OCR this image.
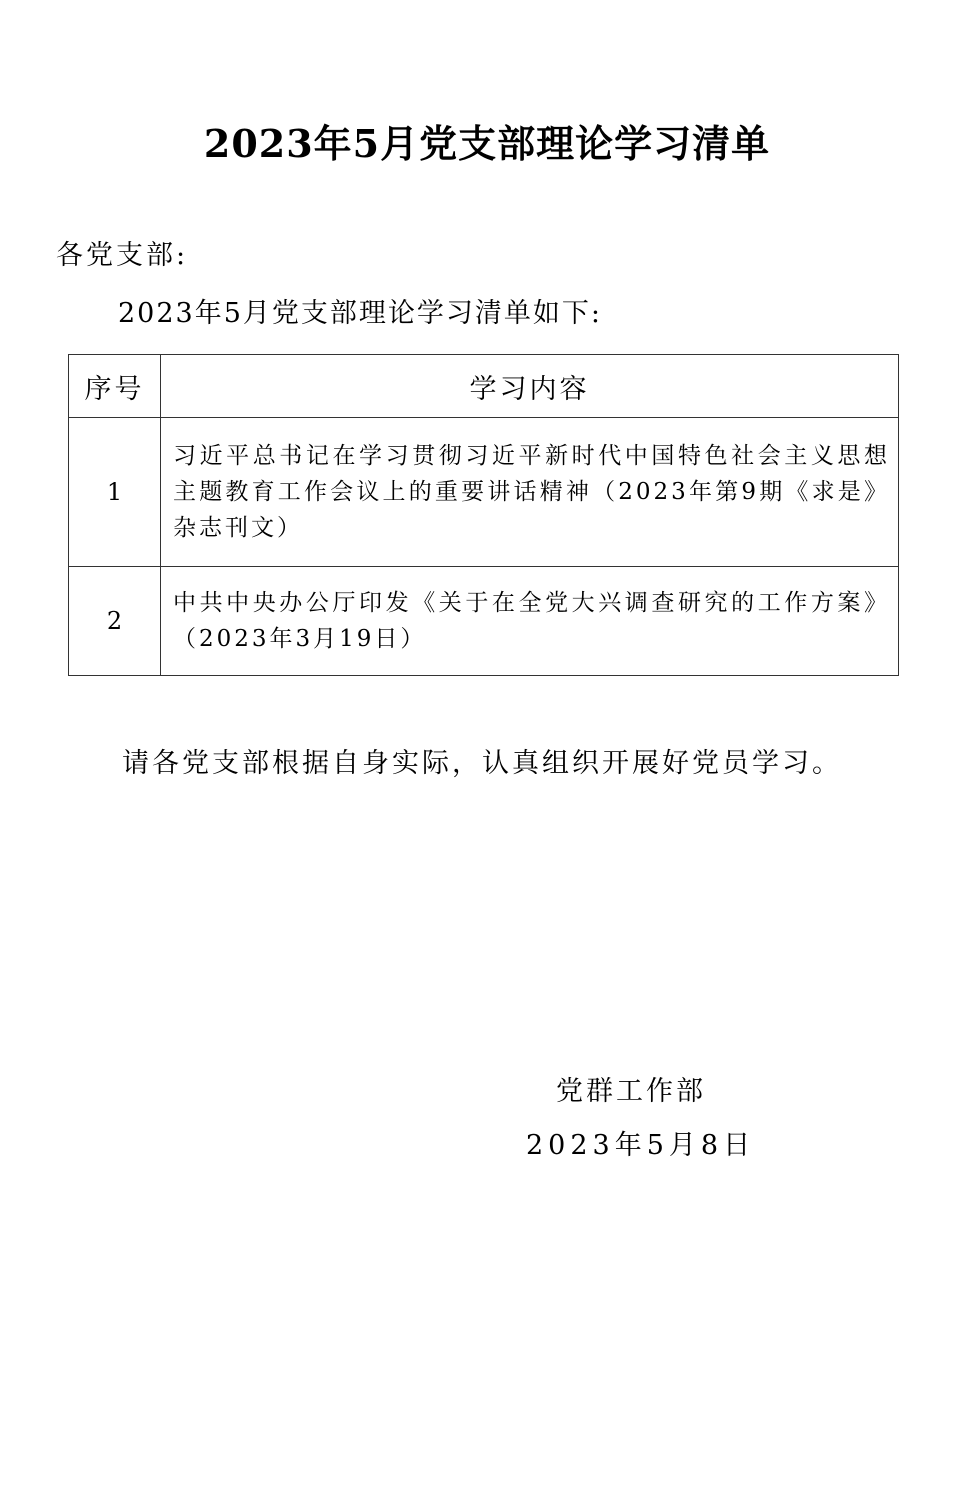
2023年5月党支部理论学习清单
各党支部:
2023年5月党支部理论学习清单如下:
序号	学习内容
1	习近平总书记在学习贯彻习近平新时代中国特色社会主义思想主题教育工作会议上的重要讲话精神（2023年第9期《求是》杂志刊文）
2	中共中央办公厅印发《关于在全党大兴调查研究的工作方案》（2023年3月19日）
请各党支部根据自身实际，认真组织开展好党员学习。
党群工作部
2023年5月8日
